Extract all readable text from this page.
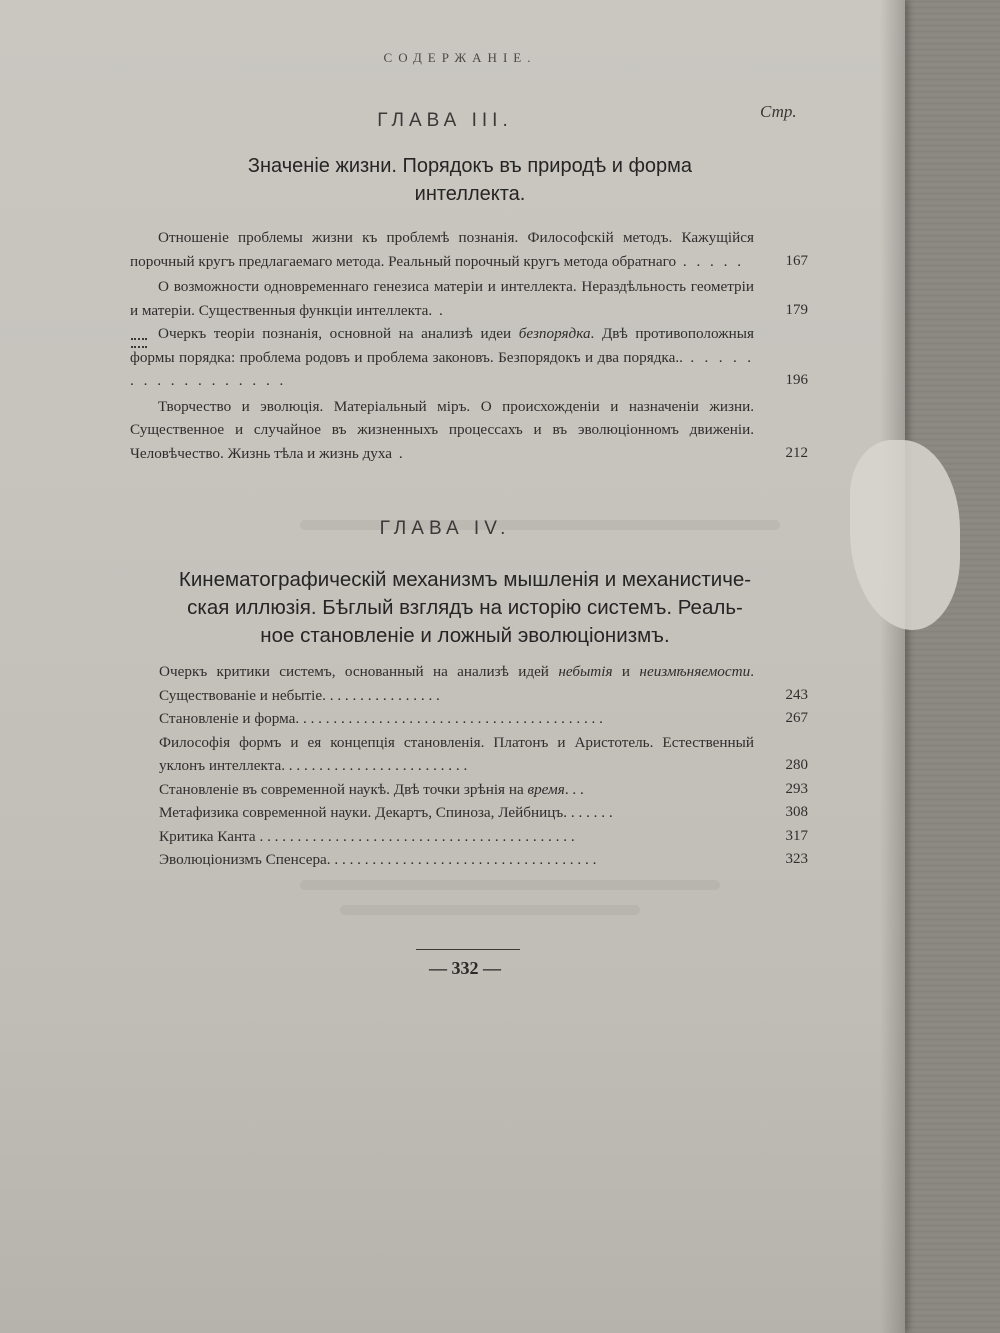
СОДЕРЖАНIЕ.
Стр.
ГЛАВА III.
Значенiе жизни. Порядокъ въ природѣ и форма
интеллекта.

Отношенiе проблемы жизни къ проблемѣ познанiя. Философскiй методъ. Кажущiйся порочный кругъ предлагаемаго метода. Реальный порочный кругъ метода обратнаго . . . . .	167

О возможности одновременнаго генезиса матерiи и интеллекта. Нераздѣльность геометрiи и матерiи. Существенныя функцiи интеллекта. .	179

Очеркъ теорiи познанiя, основной на анализѣ идеи безпорядка. Двѣ противоположныя формы порядка: проблема родовъ и проблема законовъ. Безпорядокъ и два порядка.. . . . . . . . . . . . . . . . . .	196

Творчество и эволюцiя. Матерiальный мiръ. О происхожденiи и назначенiи жизни. Существенное и случайное въ жизненныхъ процессахъ и въ эволюцiонномъ движенiи. Человѣчество. Жизнь тѣла и жизнь духа .	212

ГЛАВА IV.
Кинематографическiй механизмъ мышленiя и механистиче-
ская иллюзiя. Бѣглый взглядъ на исторiю системъ. Реаль-
ное становленiе и ложный эволюцiонизмъ.

Очеркъ критики системъ, основанный на анализѣ идей небытiя и неизмѣняемости. Существованiе и небытiе. . . . . . . . . . . . . . . .	243

Становленiе и форма. . . . . . . . . . . . . . . . . . . . . . . . . . . . . . . . . . . . . . . . .	267

Философiя формъ и ея концепцiя становленiя. Платонъ и Аристотель. Естественный уклонъ интеллекта. . . . . . . . . . . . . . . . . . . . . . . . .	280

Становленiе въ современной наукѣ. Двѣ точки зрѣнiя на время. . .	293

Метафизика современной науки. Декартъ, Спиноза, Лейбницъ. . . . . . .	308

Критика Канта . . . . . . . . . . . . . . . . . . . . . . . . . . . . . . . . . . . . . . . . . .	317

Эволюцiонизмъ Спенсера. . . . . . . . . . . . . . . . . . . . . . . . . . . . . . . . . . . .	323

— 332 —
